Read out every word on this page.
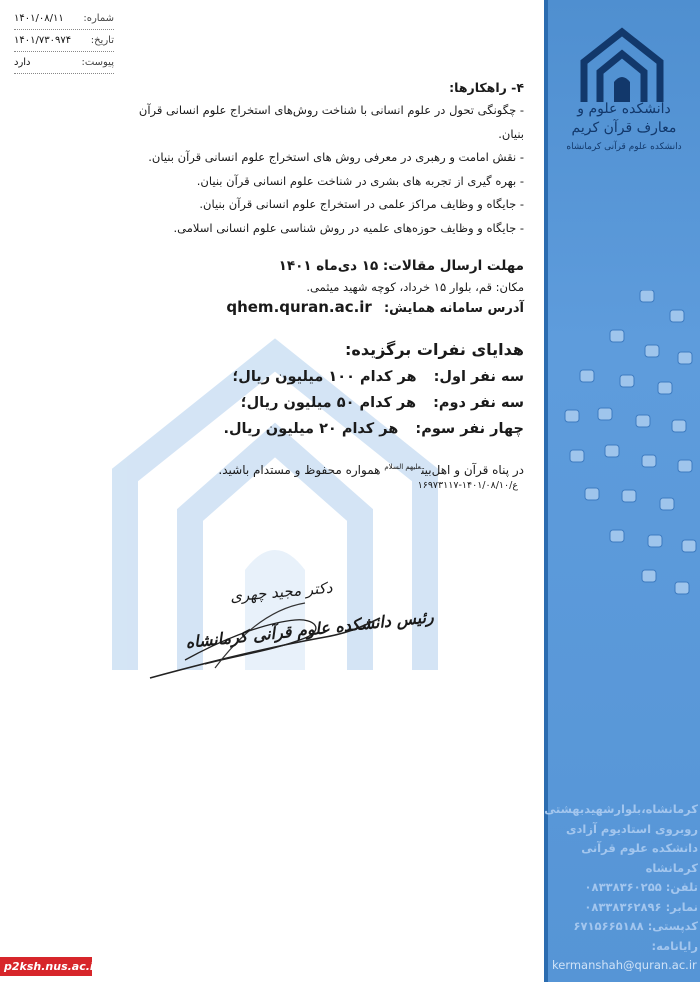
دانشکده علوم و
معارف قرآن کریم
دانشکده علوم قرآنی کرمانشاه
کرمانشاه،بلوارشهیدبهشتی
روبروی استادیوم آزادی
دانشکده علوم قرآنی کرمانشاه
تلفن: ۰۸۳۳۸۳۶۰۲۵۵
نمابر: ۰۸۳۳۸۳۶۲۸۹۶
کدپستی: ۶۷۱۵۶۶۵۱۸۸
رایانامه:
kermanshah@quran.ac.ir
شماره:
۱۴۰۱/۰۸/۱۱
تاریخ:
۱۴۰۱/۷۳۰۹۷۴
پیوست:
دارد
۴- راهکارها:
- چگونگی تحول در علوم انسانی با شناخت روش‌های استخراج علوم انسانی قرآن بنیان.
- نقش امامت و رهبری در معرفی روش های استخراج علوم انسانی قرآن بنیان.
- بهره گیری از تجربه های بشری در شناخت علوم انسانی قرآن بنیان.
- جایگاه و وظایف مراکز علمی در استخراج علوم انسانی قرآن بنیان.
- جایگاه و وظایف حوزه‌های علمیه در روش شناسی علوم انسانی اسلامی.
مهلت ارسال مقالات: ۱۵ دی‌ماه ۱۴۰۱
مکان: قم، بلوار ۱۵ خرداد، کوچه شهید میثمی.
آدرس سامانه همایش: qhem.quran.ac.ir
هدایای نفرات برگزیده:
سه نفر اول: هر کدام ۱۰۰ میلیون ریال؛
سه نفر دوم: هر کدام ۵۰ میلیون ریال؛
چهار نفر سوم: هر کدام ۲۰ میلیون ریال.
در پناه قرآن و اهل‌بیت$^{علیهم السلام}$ همواره محفوظ و مستدام باشید. ع/۱۴۰۱/۰۸/۱۰-۱۶۹۷۳۱۱۷
دکتر مجید چهری
رئیس دانشکده علوم قرآنی کرمانشاه
p2ksh.nus.ac.ir
